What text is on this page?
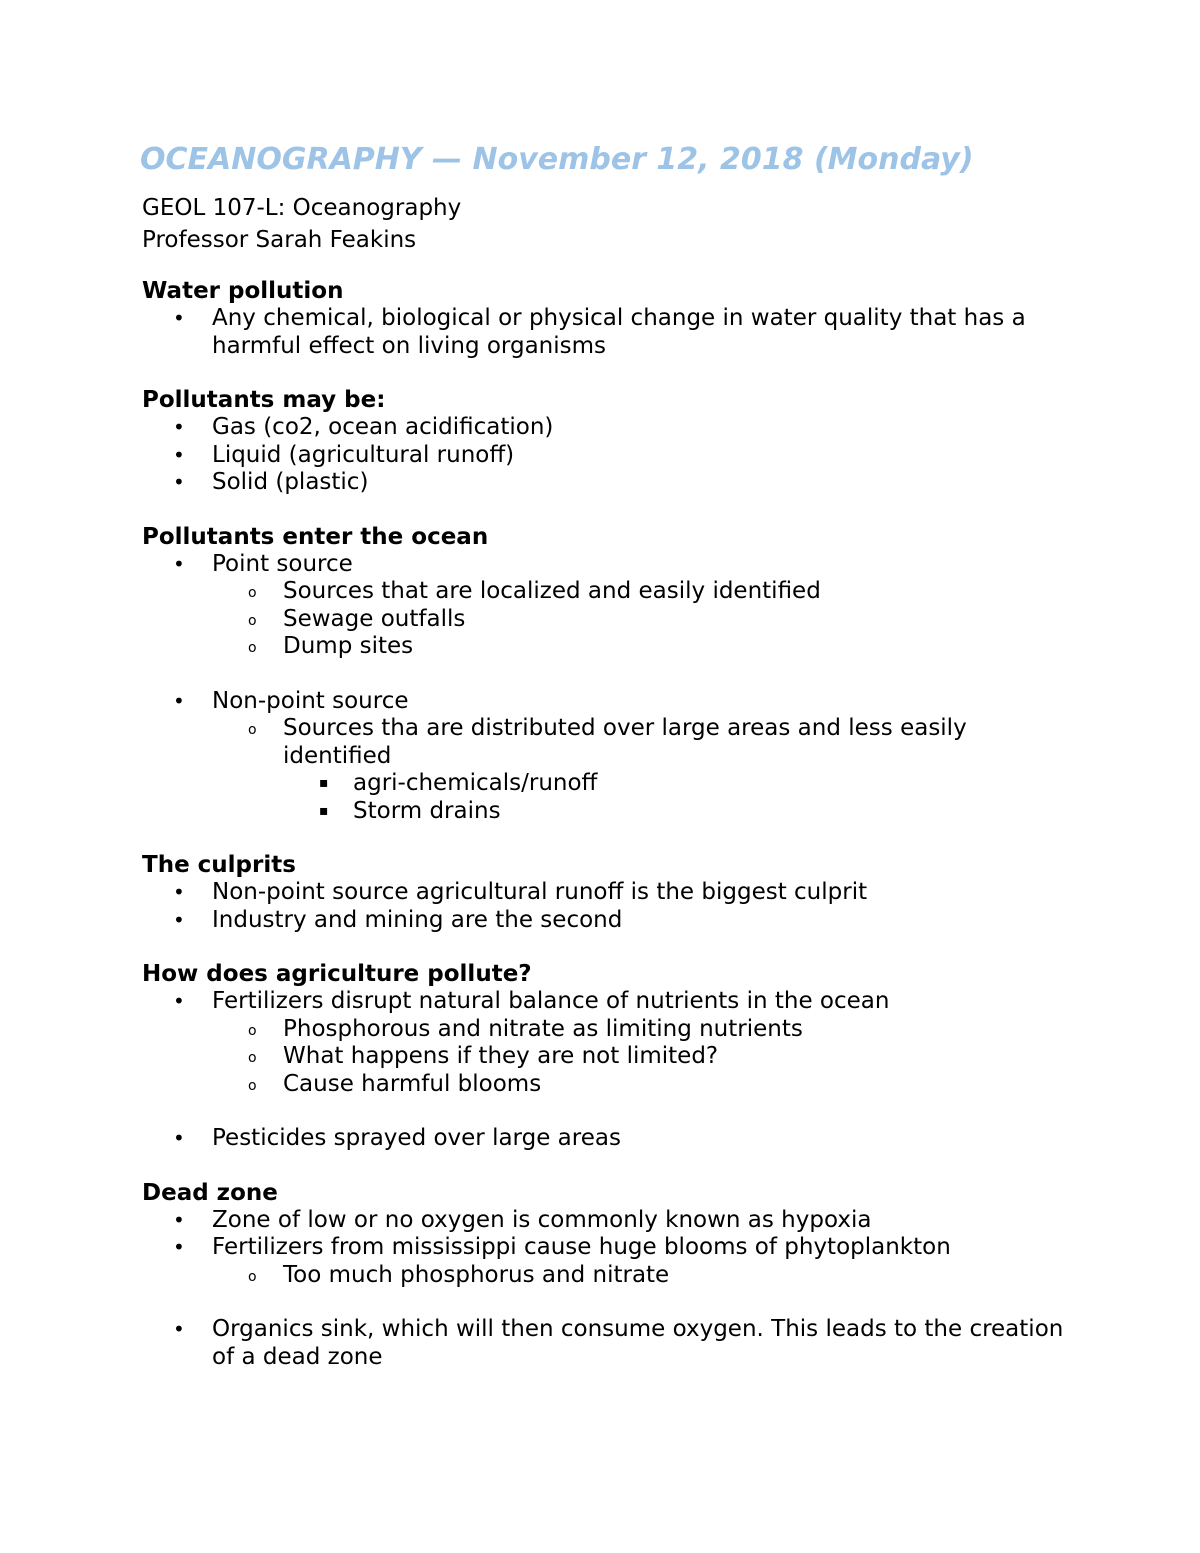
OCEANOGRAPHY — November 12, 2018 (Monday)
GEOL 107-L: Oceanography
Professor Sarah Feakins
Water pollution
• Any chemical, biological or physical change in water quality that has a harmful effect on living organisms
Pollutants may be:
• Gas (co2, ocean acidification)
• Liquid (agricultural runoff)
• Solid (plastic)
Pollutants enter the ocean
• Point source
o Sources that are localized and easily identified
o Sewage outfalls
o Dump sites
• Non-point source
o Sources tha are distributed over large areas and less easily identified
▪ agri-chemicals/runoff
▪ Storm drains
The culprits
• Non-point source agricultural runoff is the biggest culprit
• Industry and mining are the second
How does agriculture pollute?
• Fertilizers disrupt natural balance of nutrients in the ocean
o Phosphorous and nitrate as limiting nutrients
o What happens if they are not limited?
o Cause harmful blooms
• Pesticides sprayed over large areas
Dead zone
• Zone of low or no oxygen is commonly known as hypoxia
• Fertilizers from mississippi cause huge blooms of phytoplankton
o Too much phosphorus and nitrate
• Organics sink, which will then consume oxygen. This leads to the creation of a dead zone
